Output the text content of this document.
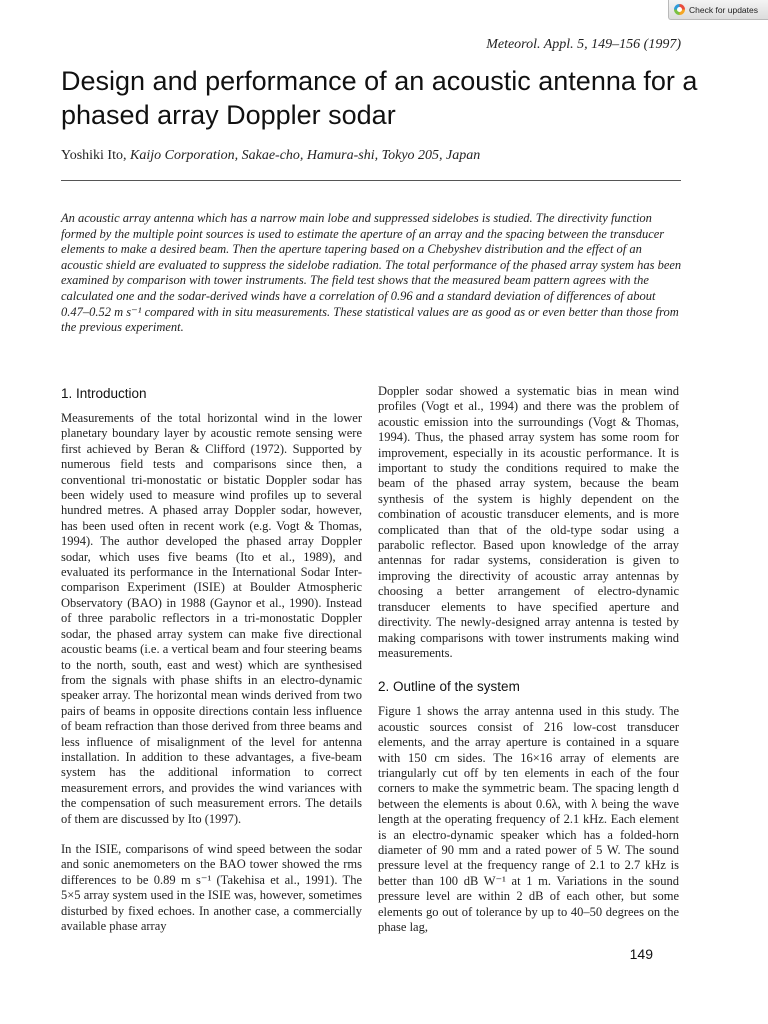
Check for updates
Meteorol. Appl. 5, 149–156 (1997)
Design and performance of an acoustic antenna for a phased array Doppler sodar
Yoshiki Ito, Kaijo Corporation, Sakae-cho, Hamura-shi, Tokyo 205, Japan

An acoustic array antenna which has a narrow main lobe and suppressed sidelobes is studied. The directivity function formed by the multiple point sources is used to estimate the aperture of an array and the spacing between the transducer elements to make a desired beam. Then the aperture tapering based on a Chebyshev distribution and the effect of an acoustic shield are evaluated to suppress the sidelobe radiation. The total performance of the phased array system has been examined by comparison with tower instruments. The field test shows that the measured beam pattern agrees with the calculated one and the sodar-derived winds have a correlation of 0.96 and a standard deviation of differences of about 0.47–0.52 m s⁻¹ compared with in situ measurements. These statistical values are as good as or even better than those from the previous experiment.

1. Introduction

Measurements of the total horizontal wind in the lower planetary boundary layer by acoustic remote sensing were first achieved by Beran & Clifford (1972). Supported by numerous field tests and comparisons since then, a conventional tri-monostatic or bistatic Doppler sodar has been widely used to measure wind profiles up to several hundred metres. A phased array Doppler sodar, however, has been used often in recent work (e.g. Vogt & Thomas, 1994). The author developed the phased array Doppler sodar, which uses five beams (Ito et al., 1989), and evaluated its performance in the International Sodar Inter-comparison Experiment (ISIE) at Boulder Atmospheric Observatory (BAO) in 1988 (Gaynor et al., 1990). Instead of three parabolic reflectors in a tri-monostatic Doppler sodar, the phased array system can make five directional acoustic beams (i.e. a vertical beam and four steering beams to the north, south, east and west) which are synthesised from the signals with phase shifts in an electro-dynamic speaker array. The horizontal mean winds derived from two pairs of beams in opposite directions contain less influence of beam refraction than those derived from three beams and less influence of misalignment of the level for antenna installation. In addition to these advantages, a five-beam system has the additional information to correct measurement errors, and provides the wind variances with the compensation of such measurement errors. The details of them are discussed by Ito (1997).

In the ISIE, comparisons of wind speed between the sodar and sonic anemometers on the BAO tower showed the rms differences to be 0.89 m s⁻¹ (Takehisa et al., 1991). The 5×5 array system used in the ISIE was, however, sometimes disturbed by fixed echoes. In another case, a commercially available phase array

Doppler sodar showed a systematic bias in mean wind profiles (Vogt et al., 1994) and there was the problem of acoustic emission into the surroundings (Vogt & Thomas, 1994). Thus, the phased array system has some room for improvement, especially in its acoustic performance. It is important to study the conditions required to make the beam of the phased array system, because the beam synthesis of the system is highly dependent on the combination of acoustic transducer elements, and is more complicated than that of the old-type sodar using a parabolic reflector. Based upon knowledge of the array antennas for radar systems, consideration is given to improving the directivity of acoustic array antennas by choosing a better arrangement of electro-dynamic transducer elements to have specified aperture and directivity. The newly-designed array antenna is tested by making comparisons with tower instruments making wind measurements.

2. Outline of the system

Figure 1 shows the array antenna used in this study. The acoustic sources consist of 216 low-cost transducer elements, and the array aperture is contained in a square with 150 cm sides. The 16×16 array of elements are triangularly cut off by ten elements in each of the four corners to make the symmetric beam. The spacing length d between the elements is about 0.6λ, with λ being the wave length at the operating frequency of 2.1 kHz. Each element is an electro-dynamic speaker which has a folded-horn diameter of 90 mm and a rated power of 5 W. The sound pressure level at the frequency range of 2.1 to 2.7 kHz is better than 100 dB W⁻¹ at 1 m. Variations in the sound pressure level are within 2 dB of each other, but some elements go out of tolerance by up to 40–50 degrees on the phase lag,

149
